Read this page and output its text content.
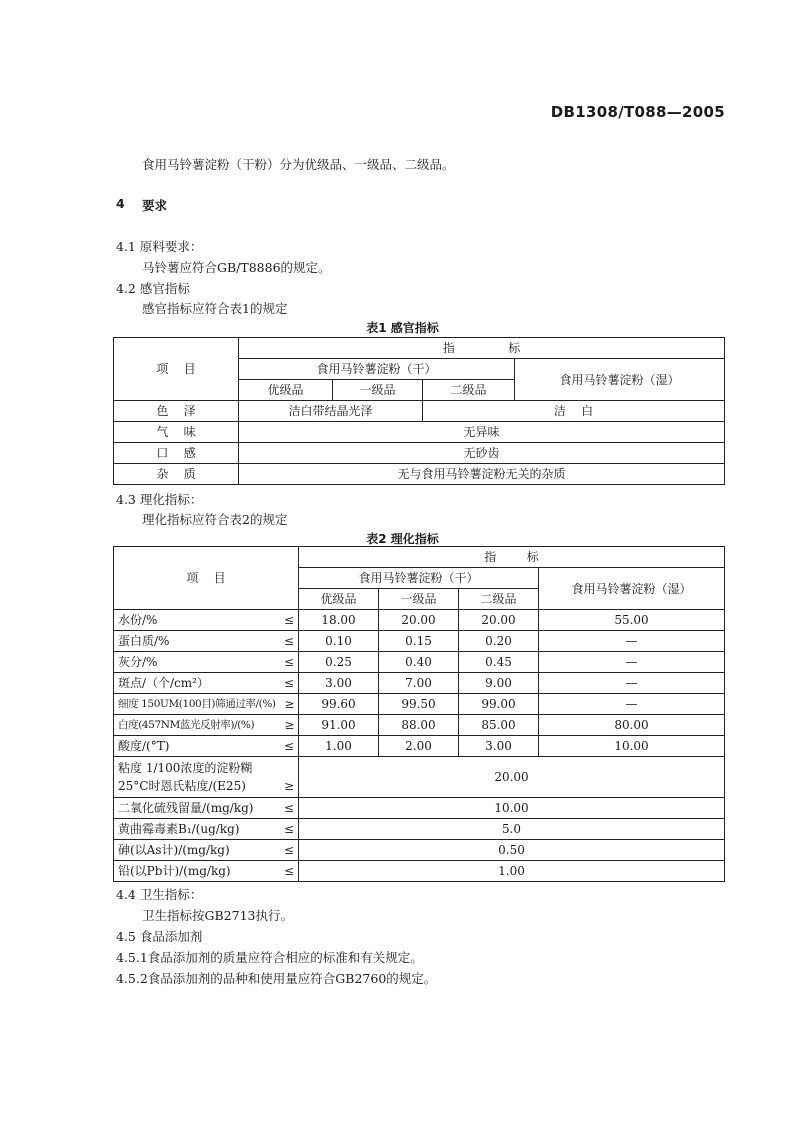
DB1308/T088—2005
食用马铃薯淀粉（干粉）分为优级品、一级品、二级品。
4 要求
4.1 原料要求：
马铃薯应符合GB/T8886的规定。
4.2 感官指标
感官指标应符合表1的规定
表1 感官指标
项    目	指              标			
	食用马铃薯淀粉（干）			食用马铃薯淀粉（湿）
	优级品	一级品	二级品	
色    泽	洁白带结晶光泽		洁    白	
气    味	无异味			
口    感	无砂齿			
杂    质	无与食用马铃薯淀粉无关的杂质			
4.3 理化指标：
理化指标应符合表2的规定
表2 理化指标
项    目	指        标			
	食用马铃薯淀粉（干）			食用马铃薯淀粉（湿）
	优级品	一级品	二级品	

水份/% ≤	18.00	20.00	20.00	55.00

蛋白质/% ≤	0.10	0.15	0.20	—

灰分/% ≤	0.25	0.40	0.45	—

斑点/（个/cm²） ≤	3.00	7.00	9.00	—

细度 150UM(100目)筛通过率/(%) ≥	99.60	99.50	99.00	—

白度(457NM蓝光反射率)/(%) ≥	91.00	88.00	85.00	80.00

酸度/(°T) ≤	1.00	2.00	3.00	10.00

粘度 1/100浓度的淀粉糊
25°C时恩氏粘度/(E25) ≥	20.00			

二氧化硫残留量/(mg/kg) ≤	10.00			

黄曲霉毒素B₁/(ug/kg) ≤	5.0			

砷(以As计)/(mg/kg) ≤	0.50			

铅(以Pb计)/(mg/kg) ≤	1.00			
4.4 卫生指标：
卫生指标按GB2713执行。
4.5 食品添加剂
4.5.1食品添加剂的质量应符合相应的标准和有关规定。
4.5.2食品添加剂的品种和使用量应符合GB2760的规定。
